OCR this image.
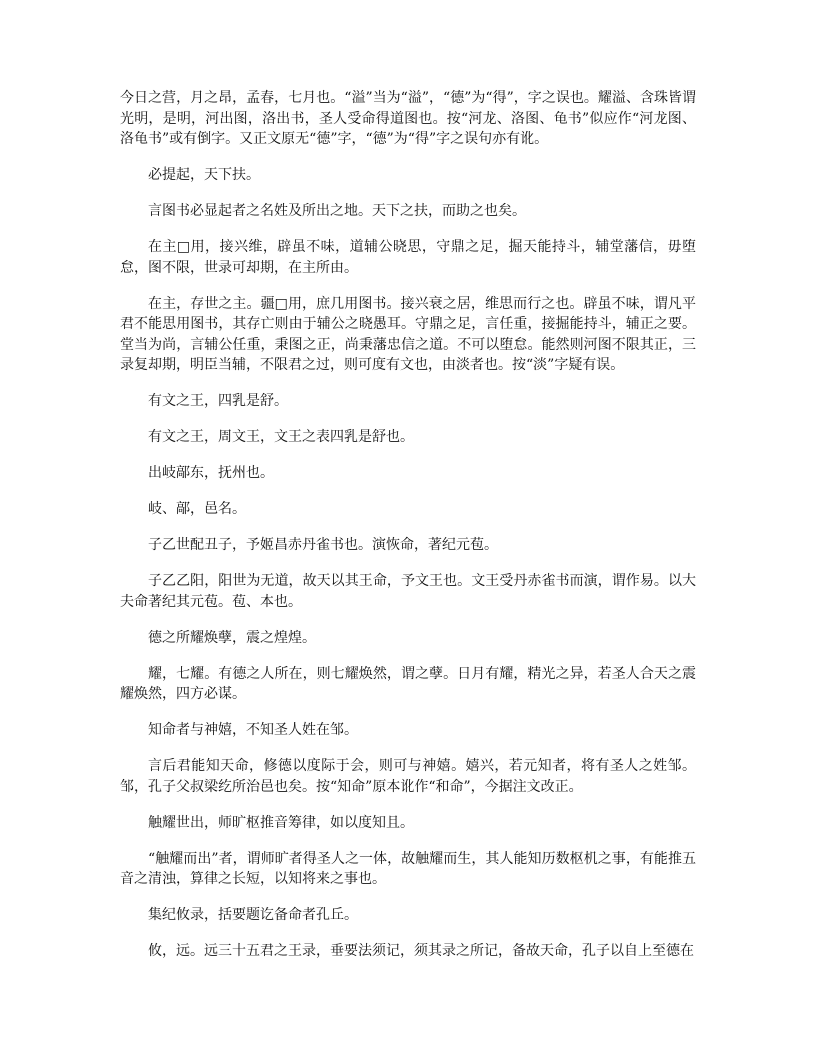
今日之营，月之昂，孟春，七月也。“溢”当为“溢”，“德”为“得”，字之误也。耀溢、含珠皆谓光明，是明，河出图，洛出书，圣人受命得道图也。按“河龙、洛图、龟书”似应作“河龙图、洛龟书”或有倒字。又正文原无“德”字，“德”为“得”字之误句亦有讹。

必提起，天下扶。

言图书必显起者之名姓及所出之地。天下之扶，而助之也矣。

在主□用，接兴维，辟虽不味，道辅公晓思，守鼎之足，掘天能持斗，辅堂藩信，毋堕怠，图不限，世录可却期，在主所由。

在主，存世之主。疆□用，庶几用图书。接兴衰之居，维思而行之也。辟虽不味，谓凡平君不能思用图书，其存亡则由于辅公之晓愚耳。守鼎之足，言任重，接掘能持斗，辅正之要。堂当为尚，言辅公任重，秉图之正，尚秉藩忠信之道。不可以堕怠。能然则河图不限其正，三录复却期，明臣当辅，不限君之过，则可度有文也，由淡者也。按“淡”字疑有误。

有文之王，四乳是舒。

有文之王，周文王，文王之表四乳是舒也。

出岐鄗东，抚州也。

岐、鄗，邑名。

子乙世配丑子，予姬昌赤丹雀书也。演恢命，著纪元苞。

子乙乙阳，阳世为无道，故天以其王命，予文王也。文王受丹赤雀书而演，谓作易。以大夫命著纪其元苞。苞、本也。

德之所耀焕孽，震之煌煌。

耀，七耀。有德之人所在，则七耀焕然，谓之孽。日月有耀，精光之异，若圣人合天之震耀焕然，四方必谋。

知命者与神嬉，不知圣人姓在邹。

言后君能知天命，修德以度际于会，则可与神嬉。嬉兴，若元知者，将有圣人之姓邹。邹，孔子父叔梁纥所治邑也矣。按“知命”原本讹作“和命”，今据注文改正。

触耀世出，师旷枢推音筹律，如以度知且。

“触耀而出”者，谓师旷者得圣人之一体，故触耀而生，其人能知历数枢机之事，有能推五音之清浊，算律之长短，以知将来之事也。

集纪攸录，括要题讫备命者孔丘。

攸，远。远三十五君之王录，垂要法须记，须其录之所记，备故天命，孔子以自上至德在
